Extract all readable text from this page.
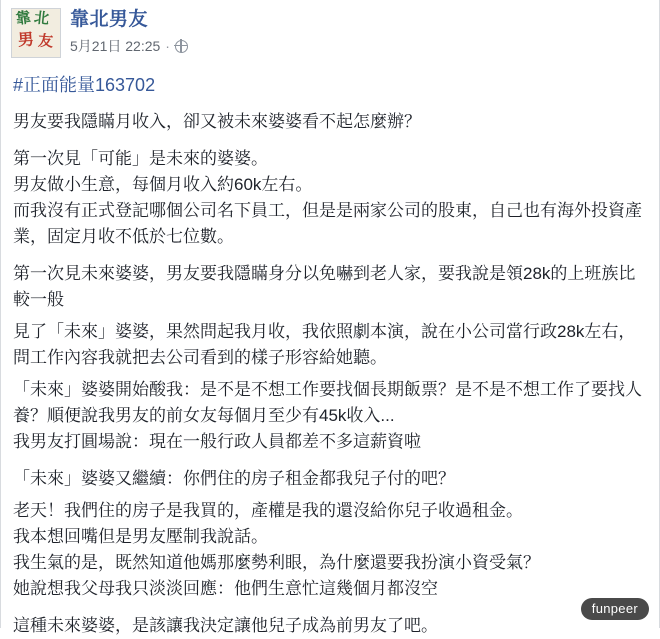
靠 北
男 友
靠北男友
5月21日 22:25 ·
#正面能量163702

男友要我隱瞞月收入，卻又被未來婆婆看不起怎麼辦？

第一次見「可能」是未來的婆婆。

男友做小生意，每個月收入約60k左右。

而我沒有正式登記哪個公司名下員工，但是是兩家公司的股東，自己也有海外投資產業，固定月收不低於七位數。

第一次見未來婆婆，男友要我隱瞞身分以免嚇到老人家，要我說是領28k的上班族比較一般

見了「未來」婆婆，果然問起我月收，我依照劇本演，說在小公司當行政28k左右，問工作內容我就把去公司看到的樣子形容給她聽。

「未來」婆婆開始酸我：是不是不想工作要找個長期飯票？是不是不想工作了要找人養？順便說我男友的前女友每個月至少有45k收入...

我男友打圓場說：現在一般行政人員都差不多這薪資啦

「未來」婆婆又繼續：你們住的房子租金都我兒子付的吧？

老天！我們住的房子是我買的，產權是我的還沒給你兒子收過租金。

我本想回嘴但是男友壓制我說話。

我生氣的是，既然知道他媽那麼勢利眼，為什麼還要我扮演小資受氣？

她說想我父母我只淡淡回應：他們生意忙這幾個月都沒空

這種未來婆婆，是該讓我決定讓他兒子成為前男友了吧。

funpeer
